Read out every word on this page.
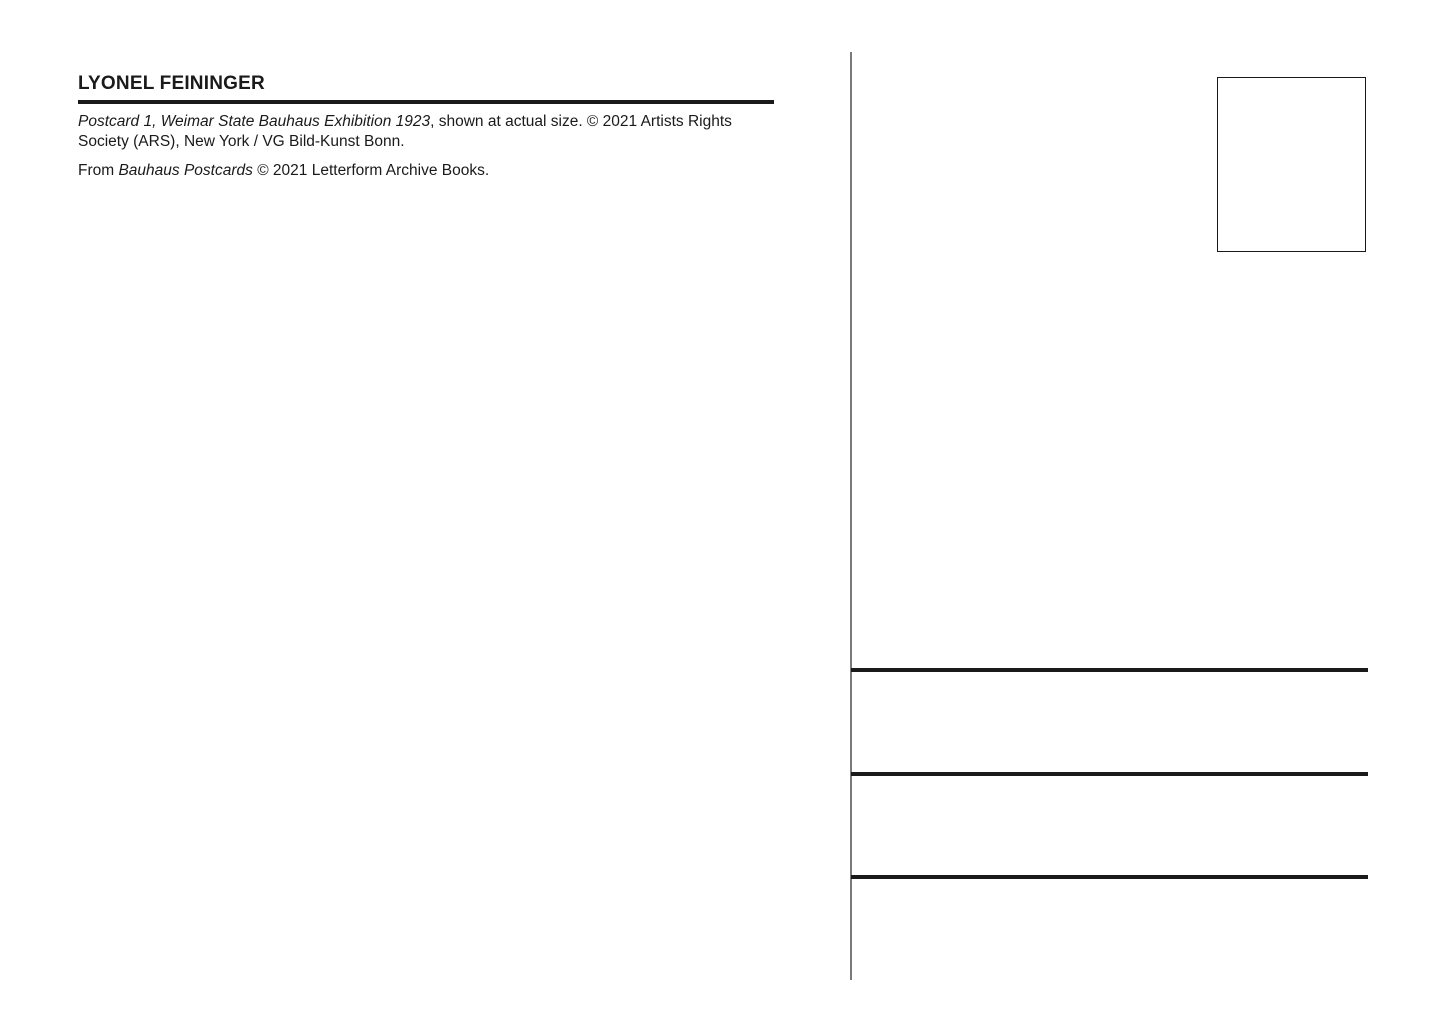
LYONEL FEININGER

Postcard 1, Weimar State Bauhaus Exhibition 1923, shown at actual size. © 2021 Artists Rights Society (ARS), New York / VG Bild-Kunst Bonn.

From Bauhaus Postcards © 2021 Letterform Archive Books.
